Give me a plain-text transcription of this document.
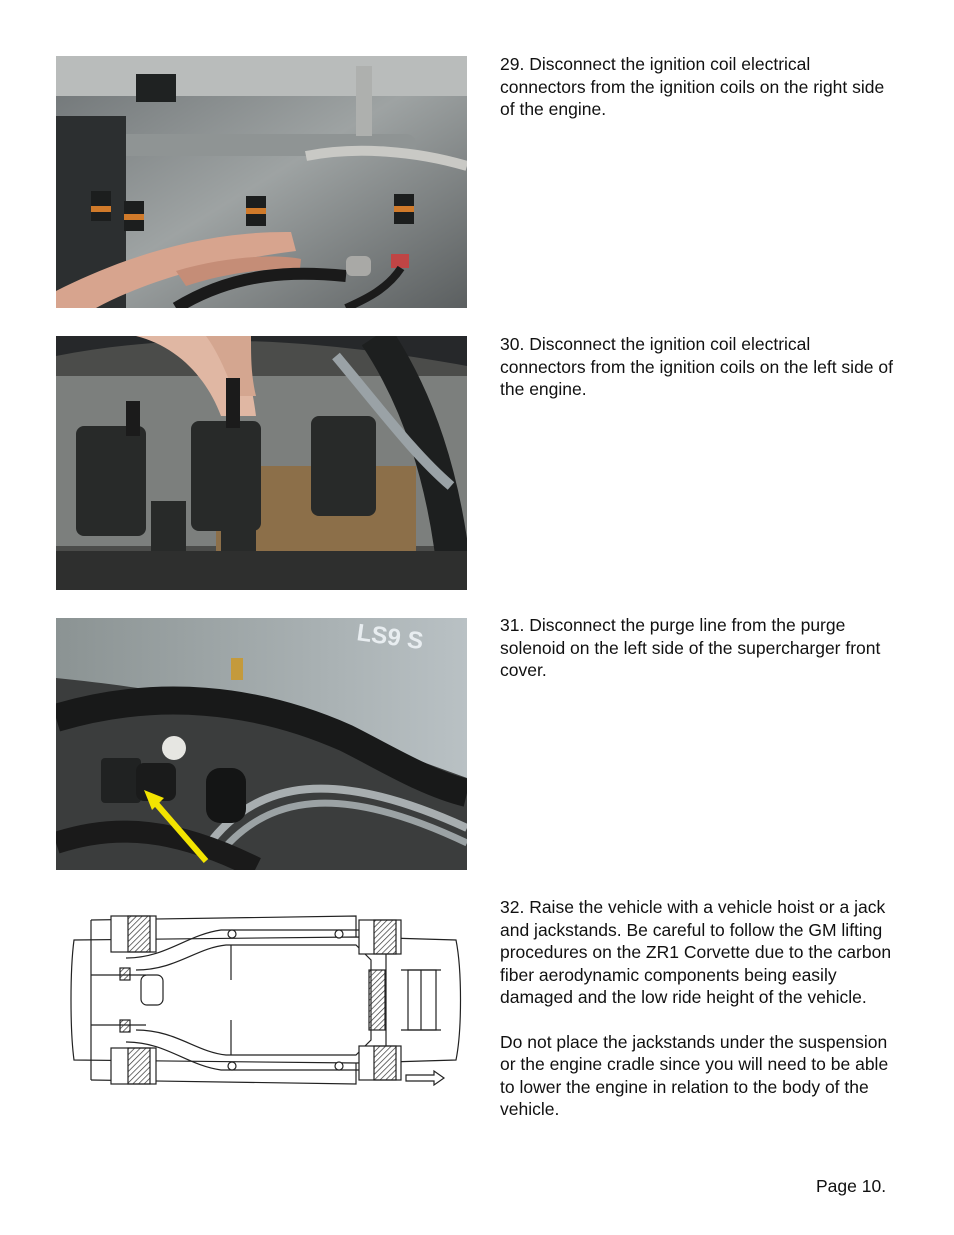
29. Disconnect the ignition coil electrical connectors from the ignition coils on the right side of the engine.

30. Disconnect the ignition coil electrical connectors from the ignition coils on the left side of the engine.

LS9 S	31. Disconnect the purge line from the purge solenoid on the left side of the supercharger front cover.

32. Raise the vehicle with a vehicle hoist or a jack and jackstands. Be careful to follow the GM lifting procedures on the ZR1 Corvette due to the carbon fiber aerodynamic components being easily damaged and the low ride height of the vehicle.

Do not place the jackstands under the suspension or the engine cradle since you will need to be able to lower the engine in relation to the body of the vehicle.

Page 10.
